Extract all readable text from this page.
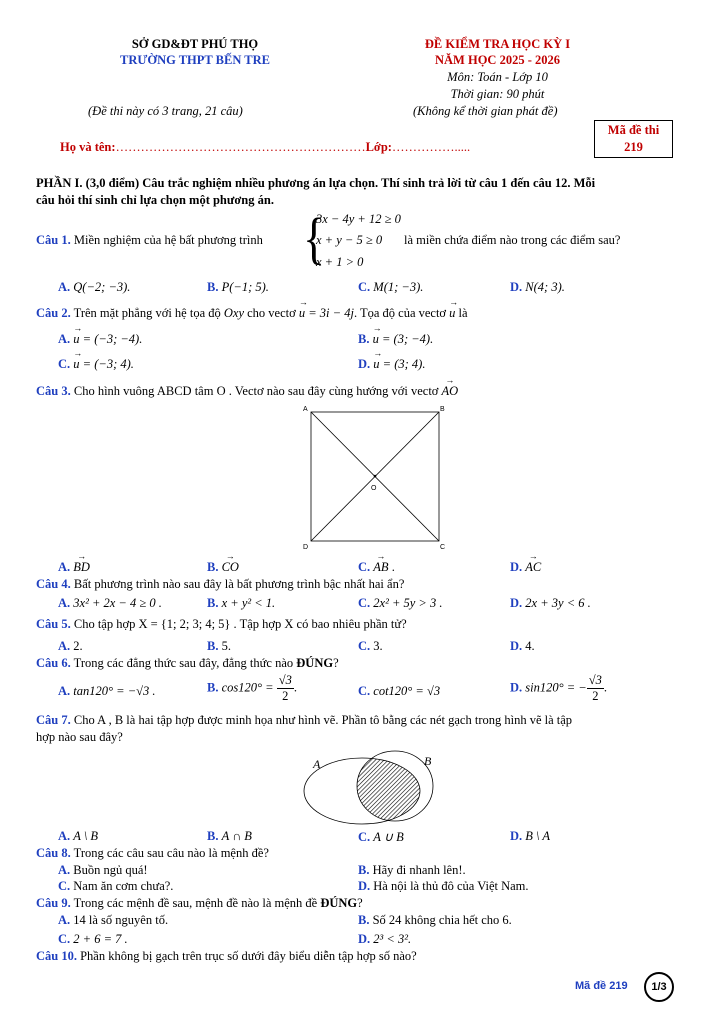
SỞ GD&ĐT PHÚ THỌ
TRƯỜNG THPT BẾN TRE
ĐỀ KIỂM TRA HỌC KỲ I
NĂM HỌC 2025 - 2026
Môn: Toán - Lớp 10
Thời gian: 90 phút
(Đề thi này có 3 trang, 21 câu)	(Không kể thời gian phát đề)
Họ và tên:……………………………………………………Lớp:…………….....
Mã đề thi
219
PHẦN I. (3,0 điểm) Câu trắc nghiệm nhiều phương án lựa chọn. Thí sinh trả lời từ câu 1 đến câu 12. Mỗi
câu hỏi thí sinh chỉ lựa chọn một phương án.
Câu 1. Miền nghiệm của hệ bất phương trình {
3x − 4y + 12 ≥ 0
x + y − 5 ≥ 0
x + 1 > 0
là miền chứa điểm nào trong các điểm sau?
A. Q(−2; −3).	B. P(−1; 5).	C. M(1; −3).	D. N(4; 3).
Câu 2. Trên mặt phẳng với hệ tọa độ Oxy cho vectơ → u = 3i − 4j. Tọa độ của vectơ → u là
A. → u = (−3; −4).	B. → u = (3; −4).
C. → u = (−3; 4).	D. → u = (3; 4).
Câu 3. Cho hình vuông ABCD tâm O . Vectơ nào sau đây cùng hướng với vectơ → AO
A	B
C
D
O
A. → BD	B. → CO	C. → AB .	D. → AC
Câu 4. Bất phương trình nào sau đây là bất phương trình bậc nhất hai ẩn?
A. 3x² + 2x − 4 ≥ 0 .	B. x + y² < 1.	C. 2x² + 5y > 3 .	D. 2x + 3y < 6 .
Câu 5. Cho tập hợp X = {1; 2; 3; 4; 5} . Tập hợp X có bao nhiêu phần tử?
A. 2.	B. 5.	C. 3.	D. 4.
Câu 6. Trong các đẳng thức sau đây, đẳng thức nào ĐÚNG?
A. tan120° = −√3 .	B. $\cos 120^\circ = \frac{√3}{2}$ .	C. cot120° = √3	D. sin120° = − $\frac{√3}{2}$ .
Câu 7. Cho A , B là hai tập hợp được minh họa như hình vẽ. Phần tô bằng các nét gạch trong hình vẽ là tập
hợp nào sau đây?
A	B
A. A \ B	B. A ∩ B	C. A ∪ B	D. B \ A
Câu 8. Trong các câu sau câu nào là mệnh đề?
A. Buồn ngủ quá!	B. Hãy đi nhanh lên!.
C. Nam ăn cơm chưa?.	D. Hà nội là thủ đô của Việt Nam.
Câu 9. Trong các mệnh đề sau, mệnh đề nào là mệnh đề ĐÚNG?
A. 14 là số nguyên tố.	B. Số 24 không chia hết cho 6.
C. 2 + 6 = 7 .	D. 2³ < 3².
Câu 10. Phần không bị gạch trên trục số dưới đây biểu diễn tập hợp số nào?
Mã đề 219	1/3
